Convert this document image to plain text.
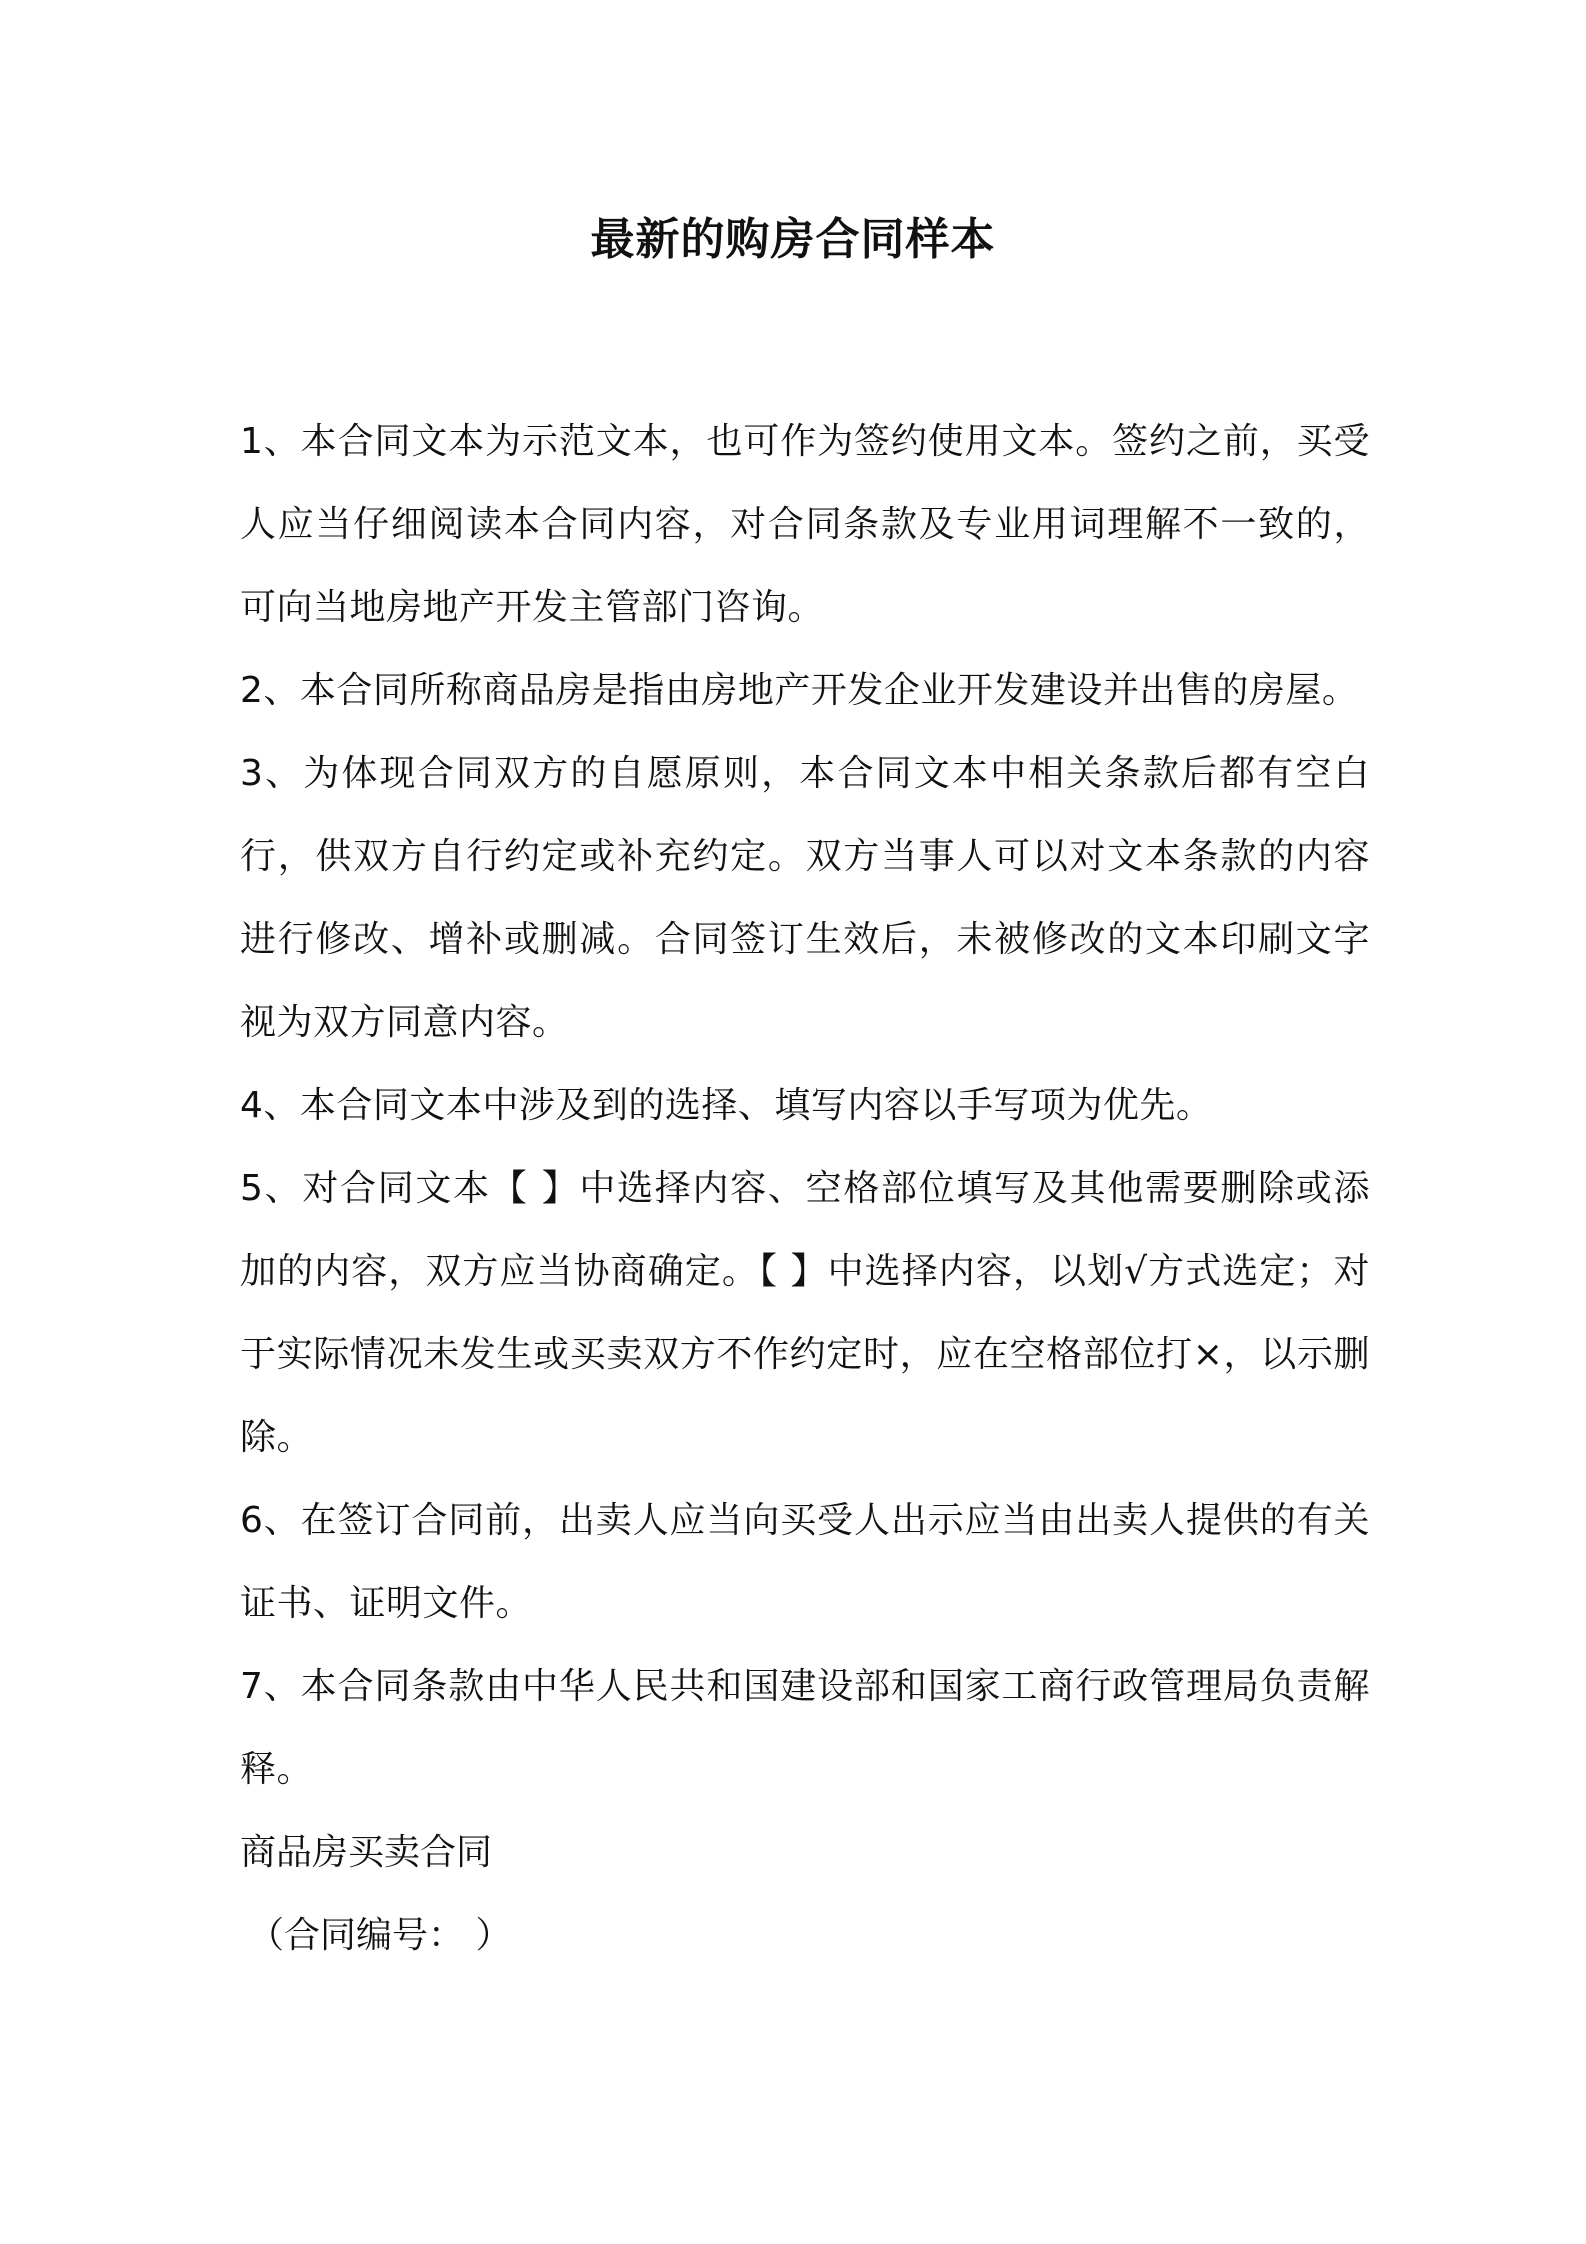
最新的购房合同样本

1、本合同文本为示范文本，也可作为签约使用文本。签约之前，买受人应当仔细阅读本合同内容，对合同条款及专业用词理解不一致的，可向当地房地产开发主管部门咨询。

2、本合同所称商品房是指由房地产开发企业开发建设并出售的房屋。

3、为体现合同双方的自愿原则，本合同文本中相关条款后都有空白行，供双方自行约定或补充约定。双方当事人可以对文本条款的内容进行修改、增补或删减。合同签订生效后，未被修改的文本印刷文字视为双方同意内容。

4、本合同文本中涉及到的选择、填写内容以手写项为优先。

5、对合同文本【 】中选择内容、空格部位填写及其他需要删除或添加的内容，双方应当协商确定。【 】中选择内容，以划√方式选定；对于实际情况未发生或买卖双方不作约定时，应在空格部位打×，以示删除。

6、在签订合同前，出卖人应当向买受人出示应当由出卖人提供的有关证书、证明文件。

7、本合同条款由中华人民共和国建设部和国家工商行政管理局负责解释。

商品房买卖合同

（合同编号： ）
